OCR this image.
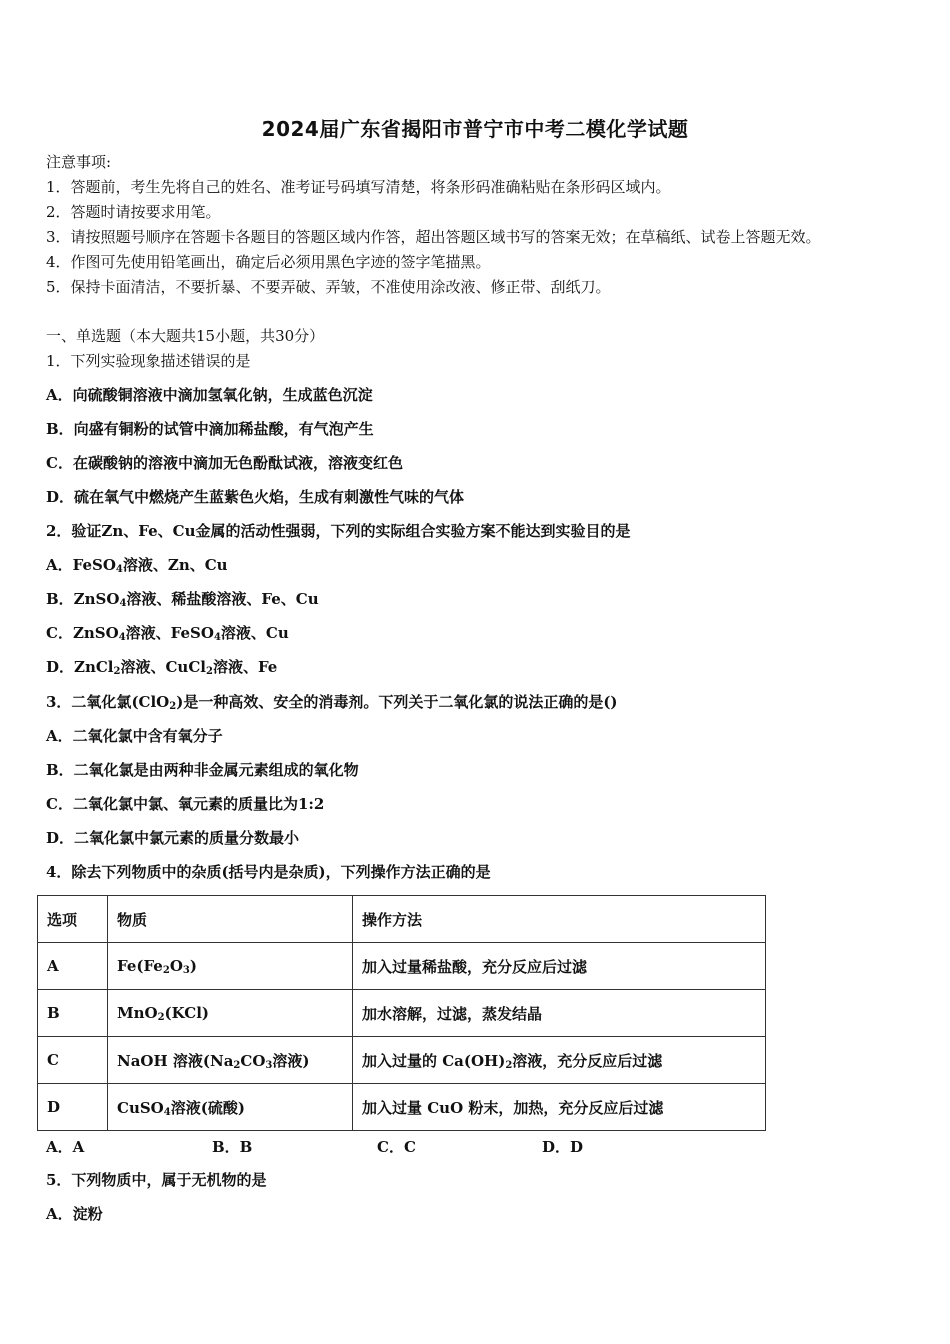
2024届广东省揭阳市普宁市中考二模化学试题
注意事项:
1．答题前，考生先将自己的姓名、准考证号码填写清楚，将条形码准确粘贴在条形码区域内。
2．答题时请按要求用笔。
3．请按照题号顺序在答题卡各题目的答题区域内作答，超出答题区域书写的答案无效；在草稿纸、试卷上答题无效。
4．作图可先使用铅笔画出，确定后必须用黑色字迹的签字笔描黑。
5．保持卡面清洁，不要折暴、不要弄破、弄皱，不准使用涂改液、修正带、刮纸刀。
一、单选题（本大题共15小题，共30分）
1．下列实验现象描述错误的是
A．向硫酸铜溶液中滴加氢氧化钠，生成蓝色沉淀
B．向盛有铜粉的试管中滴加稀盐酸，有气泡产生
C．在碳酸钠的溶液中滴加无色酚酞试液，溶液变红色
D．硫在氧气中燃烧产生蓝紫色火焰，生成有刺激性气味的气体
2．验证Zn、Fe、Cu金属的活动性强弱，下列的实际组合实验方案不能达到实验目的是
A．FeSO$_4$溶液、Zn、Cu
B．ZnSO$_4$溶液、稀盐酸溶液、Fe、Cu
C．ZnSO$_4$溶液、FeSO$_4$溶液、Cu
D．ZnCl$_2$溶液、CuCl$_2$溶液、Fe
3．二氧化氯(ClO$_2$)是一种高效、安全的消毒剂。下列关于二氧化氯的说法正确的是()
A．二氧化氯中含有氧分子
B．二氧化氯是由两种非金属元素组成的氧化物
C．二氧化氯中氯、氧元素的质量比为1:2
D．二氧化氯中氯元素的质量分数最小
4．除去下列物质中的杂质(括号内是杂质)，下列操作方法正确的是
选项	物质	操作方法
A	$Fe(Fe_2O_3)$	加入过量稀盐酸，充分反应后过滤
B	MnO$_2$(KCl)	加水溶解，过滤，蒸发结晶
C	NaOH 溶液($Na_2CO_3$溶液)	加入过量的 $Ca(OH)_2$溶液，充分反应后过滤
D	CuSO$_4$溶液(硫酸)	加入过量 CuO 粉末，加热，充分反应后过滤
A．A	B．B	C．C	D．D
5．下列物质中，属于无机物的是
A．淀粉
